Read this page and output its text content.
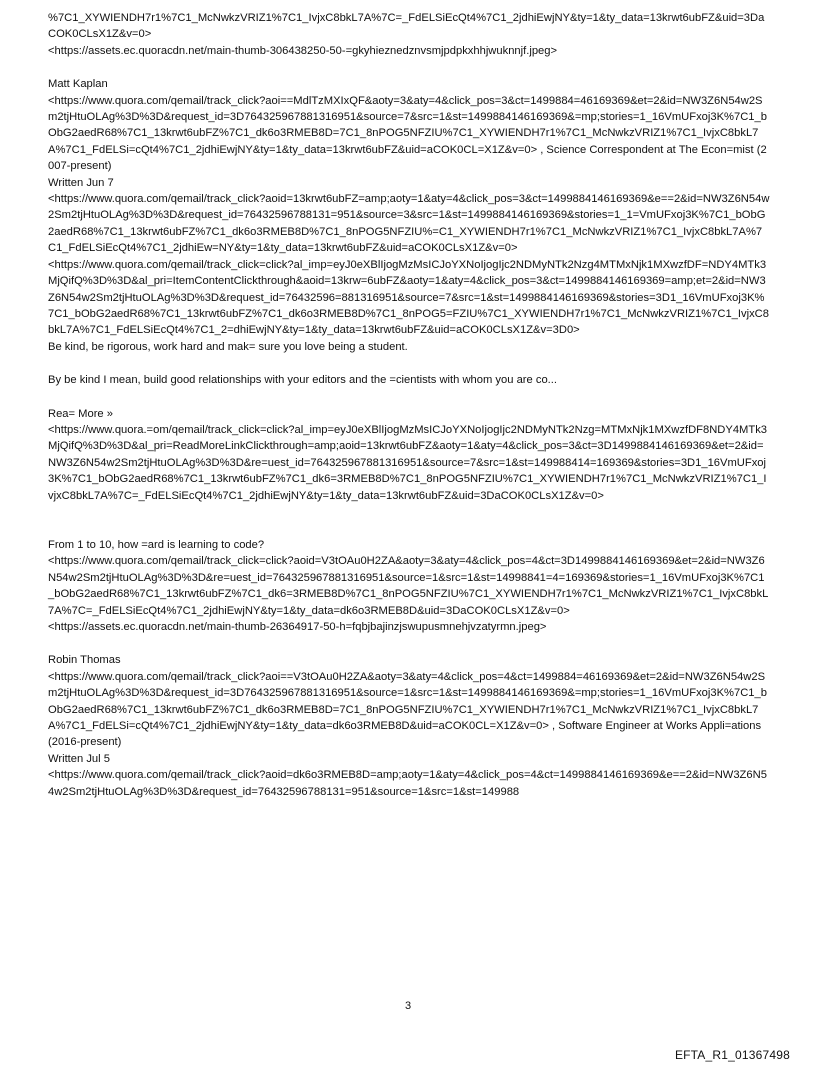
%7C1_XYWIENDH7r1%7C1_McNwkzVRIZ1%7C1_IvjxC8bkL7A%7C=_FdELSiEcQt4%7C1_2jdhiEwjNY&ty=1&ty_data=13krwt6ubFZ&uid=3DaCOK0CLsX1Z&v=0>

<https://assets.ec.quoracdn.net/main-thumb-306438250-50-=gkyhieznedznvsmjpdpkxhhjwuknnjf.jpeg>

Matt Kaplan

<https://www.quora.com/qemail/track_click?aoi==MdlTzMXIxQF&aoty=3&aty=4&click_pos=3&ct=1499884=46169369&et=2&id=NW3Z6N54w2Sm2tjHtuOLAg%3D%3D&request_id=3D764325967881316951&source=7&src=1&st=1499884146169369&=mp;stories=1_16VmUFxoj3K%7C1_bObG2aedR68%7C1_13krwt6ubFZ%7C1_dk6o3RMEB8D=7C1_8nPOG5NFZIU%7C1_XYWIENDH7r1%7C1_McNwkzVRIZ1%7C1_IvjxC8bkL7A%7C1_FdELSi=cQt4%7C1_2jdhiEwjNY&ty=1&ty_data=13krwt6ubFZ&uid=aCOK0CL=X1Z&v=0> , Science Correspondent at The Econ=mist (2007-present)

Written Jun 7

<https://www.quora.com/qemail/track_click?aoid=13krwt6ubFZ=amp;aoty=1&aty=4&click_pos=3&ct=1499884146169369&e==2&id=NW3Z6N54w2Sm2tjHtuOLAg%3D%3D&request_id=76432596788131=951&source=3&src=1&st=1499884146169369&stories=1_1=VmUFxoj3K%7C1_bObG2aedR68%7C1_13krwt6ubFZ%7C1_dk6o3RMEB8D%7C1_8nPOG5NFZIU%=C1_XYWIENDH7r1%7C1_McNwkzVRIZ1%7C1_IvjxC8bkL7A%7C1_FdELSiEcQt4%7C1_2jdhiEw=NY&ty=1&ty_data=13krwt6ubFZ&uid=aCOK0CLsX1Z&v=0>

<https://www.quora.com/qemail/track_click=click?al_imp=eyJ0eXBlIjogMzMsICJoYXNoIjogIjc2NDMyNTk2Nzg4MTMxNjk1MXwzfDF=NDY4MTk3MjQifQ%3D%3D&al_pri=ItemContentClickthrough&aoid=13krw=6ubFZ&aoty=1&aty=4&click_pos=3&ct=1499884146169369=amp;et=2&id=NW3Z6N54w2Sm2tjHtuOLAg%3D%3D&request_id=76432596=881316951&source=7&src=1&st=1499884146169369&stories=3D1_16VmUFxoj3K%7C1_bObG2aedR68%7C1_13krwt6ubFZ%7C1_dk6o3RMEB8D%7C1_8nPOG5=FZIU%7C1_XYWIENDH7r1%7C1_McNwkzVRIZ1%7C1_IvjxC8bkL7A%7C1_FdELSiEcQt4%7C1_2=dhiEwjNY&ty=1&ty_data=13krwt6ubFZ&uid=aCOK0CLsX1Z&v=3D0>

Be kind, be rigorous, work hard and mak= sure you love being a student.

By be kind I mean, build good relationships with your editors and the =cientists with whom you are co...

Rea= More »

<https://www.quora.=om/qemail/track_click=click?al_imp=eyJ0eXBlIjogMzMsICJoYXNoIjogIjc2NDMyNTk2Nzg=MTMxNjk1MXwzfDF8NDY4MTk3MjQifQ%3D%3D&al_pri=ReadMoreLinkClickthrough=amp;aoid=13krwt6ubFZ&aoty=1&aty=4&click_pos=3&ct=3D1499884146169369&et=2&id=NW3Z6N54w2Sm2tjHtuOLAg%3D%3D&re=uest_id=764325967881316951&source=7&src=1&st=149988414=169369&stories=3D1_16VmUFxoj3K%7C1_bObG2aedR68%7C1_13krwt6ubFZ%7C1_dk6=3RMEB8D%7C1_8nPOG5NFZIU%7C1_XYWIENDH7r1%7C1_McNwkzVRIZ1%7C1_IvjxC8bkL7A%7C=_FdELSiEcQt4%7C1_2jdhiEwjNY&ty=1&ty_data=13krwt6ubFZ&uid=3DaCOK0CLsX1Z&v=0>

From 1 to 10, how =ard is learning to code?

<https://www.quora.com/qemail/track_click=click?aoid=V3tOAu0H2ZA&aoty=3&aty=4&click_pos=4&ct=3D1499884146169369&et=2&id=NW3Z6N54w2Sm2tjHtuOLAg%3D%3D&re=uest_id=764325967881316951&source=1&src=1&st=14998841=4=169369&stories=1_16VmUFxoj3K%7C1_bObG2aedR68%7C1_13krwt6ubFZ%7C1_dk6=3RMEB8D%7C1_8nPOG5NFZIU%7C1_XYWIENDH7r1%7C1_McNwkzVRIZ1%7C1_IvjxC8bkL7A%7C=_FdELSiEcQt4%7C1_2jdhiEwjNY&ty=1&ty_data=dk6o3RMEB8D&uid=3DaCOK0CLsX1Z&v=0>

<https://assets.ec.quoracdn.net/main-thumb-26364917-50-h=fqbjbajinzjswupusmnehjvzatyrmn.jpeg>

Robin Thomas

<https://www.quora.com/qemail/track_click?aoi==V3tOAu0H2ZA&aoty=3&aty=4&click_pos=4&ct=1499884=46169369&et=2&id=NW3Z6N54w2Sm2tjHtuOLAg%3D%3D&request_id=3D764325967881316951&source=1&src=1&st=1499884146169369&=mp;stories=1_16VmUFxoj3K%7C1_bObG2aedR68%7C1_13krwt6ubFZ%7C1_dk6o3RMEB8D=7C1_8nPOG5NFZIU%7C1_XYWIENDH7r1%7C1_McNwkzVRIZ1%7C1_IvjxC8bkL7A%7C1_FdELSi=cQt4%7C1_2jdhiEwjNY&ty=1&ty_data=dk6o3RMEB8D&uid=aCOK0CL=X1Z&v=0> , Software Engineer at Works Appli=ations (2016-present)

Written Jul 5

<https://www.quora.com/qemail/track_click?aoid=dk6o3RMEB8D=amp;aoty=1&aty=4&click_pos=4&ct=1499884146169369&e==2&id=NW3Z6N54w2Sm2tjHtuOLAg%3D%3D&request_id=76432596788131=951&source=1&src=1&st=149988

3
EFTA_R1_01367498
